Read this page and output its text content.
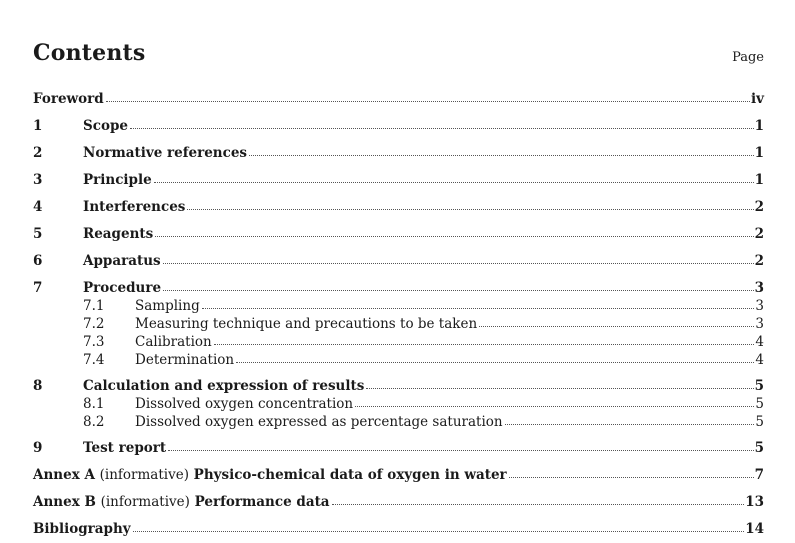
Contents	Page
Foreword	iv
1	Scope	1
2	Normative references	1
3	Principle	1
4	Interferences	2
5	Reagents	2
6	Apparatus	2
7	Procedure	3
7.1	Sampling	3
7.2	Measuring technique and precautions to be taken	3
7.3	Calibration	4
7.4	Determination	4
8	Calculation and expression of results	5
8.1	Dissolved oxygen concentration	5
8.2	Dissolved oxygen expressed as percentage saturation	5
9	Test report	5
Annex A (informative) Physico-chemical data of oxygen in water	7
Annex B (informative) Performance data	13
Bibliography	14
